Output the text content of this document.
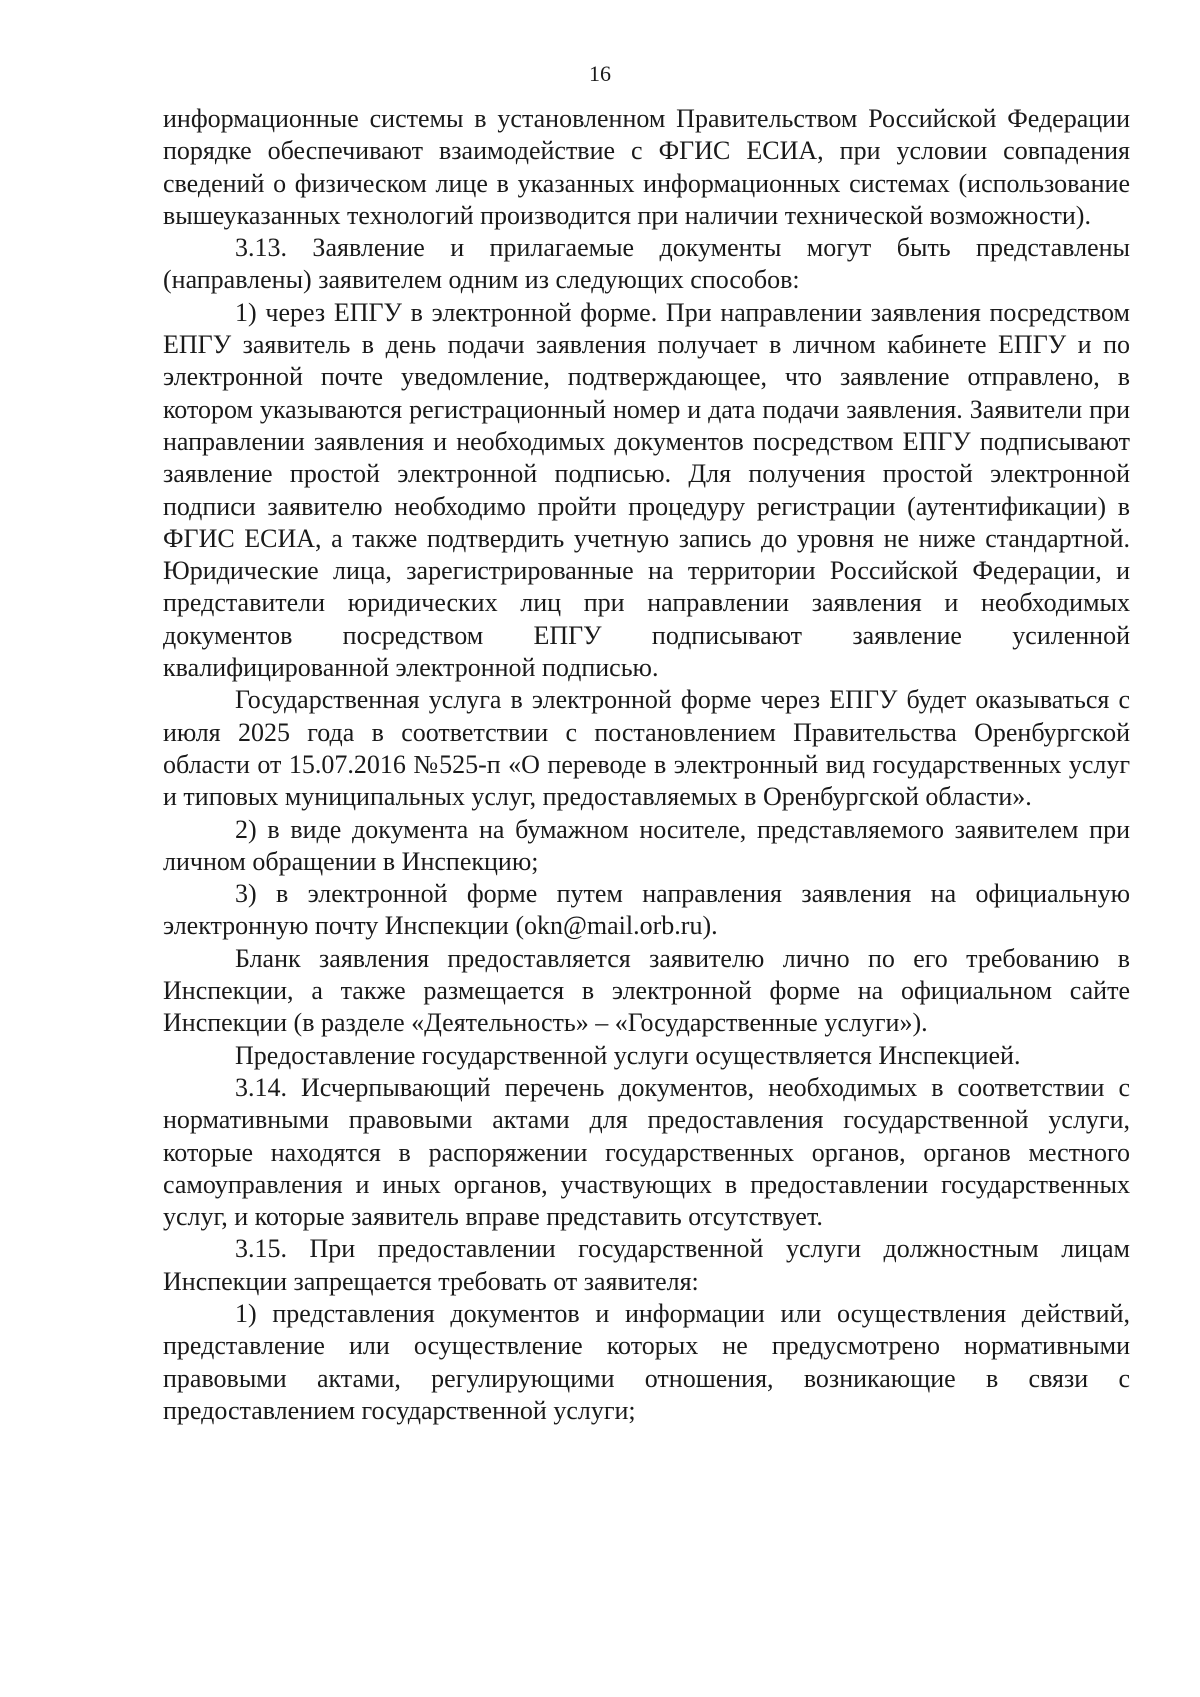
16

информационные системы в установленном Правительством Российской Федерации порядке обеспечивают взаимодействие с ФГИС ЕСИА, при условии совпадения сведений о физическом лице в указанных информационных системах (использование вышеуказанных технологий производится при наличии технической возможности).

3.13. Заявление и прилагаемые документы могут быть представлены (направлены) заявителем одним из следующих способов:

1) через ЕПГУ в электронной форме. При направлении заявления посредством ЕПГУ заявитель в день подачи заявления получает в личном кабинете ЕПГУ и по электронной почте уведомление, подтверждающее, что заявление отправлено, в котором указываются регистрационный номер и дата подачи заявления. Заявители при направлении заявления и необходимых документов посредством ЕПГУ подписывают заявление простой электронной подписью. Для получения простой электронной подписи заявителю необходимо пройти процедуру регистрации (аутентификации) в ФГИС ЕСИА, а также подтвердить учетную запись до уровня не ниже стандартной. Юридические лица, зарегистрированные на территории Российской Федерации, и представители юридических лиц при направлении заявления и необходимых документов посредством ЕПГУ подписывают заявление усиленной квалифицированной электронной подписью.

Государственная услуга в электронной форме через ЕПГУ будет оказываться с июля 2025 года в соответствии с постановлением Правительства Оренбургской области от 15.07.2016 №525-п «О переводе в электронный вид государственных услуг и типовых муниципальных услуг, предоставляемых в Оренбургской области».

2) в виде документа на бумажном носителе, представляемого заявителем при личном обращении в Инспекцию;

3) в электронной форме путем направления заявления на официальную электронную почту Инспекции (okn@mail.orb.ru).

Бланк заявления предоставляется заявителю лично по его требованию в Инспекции, а также размещается в электронной форме на официальном сайте Инспекции (в разделе «Деятельность» – «Государственные услуги»).

Предоставление государственной услуги осуществляется Инспекцией.

3.14. Исчерпывающий перечень документов, необходимых в соответствии с нормативными правовыми актами для предоставления государственной услуги, которые находятся в распоряжении государственных органов, органов местного самоуправления и иных органов, участвующих в предоставлении государственных услуг, и которые заявитель вправе представить отсутствует.

3.15. При предоставлении государственной услуги должностным лицам Инспекции запрещается требовать от заявителя:

1) представления документов и информации или осуществления действий, представление или осуществление которых не предусмотрено нормативными правовыми актами, регулирующими отношения, возникающие в связи с предоставлением государственной услуги;
